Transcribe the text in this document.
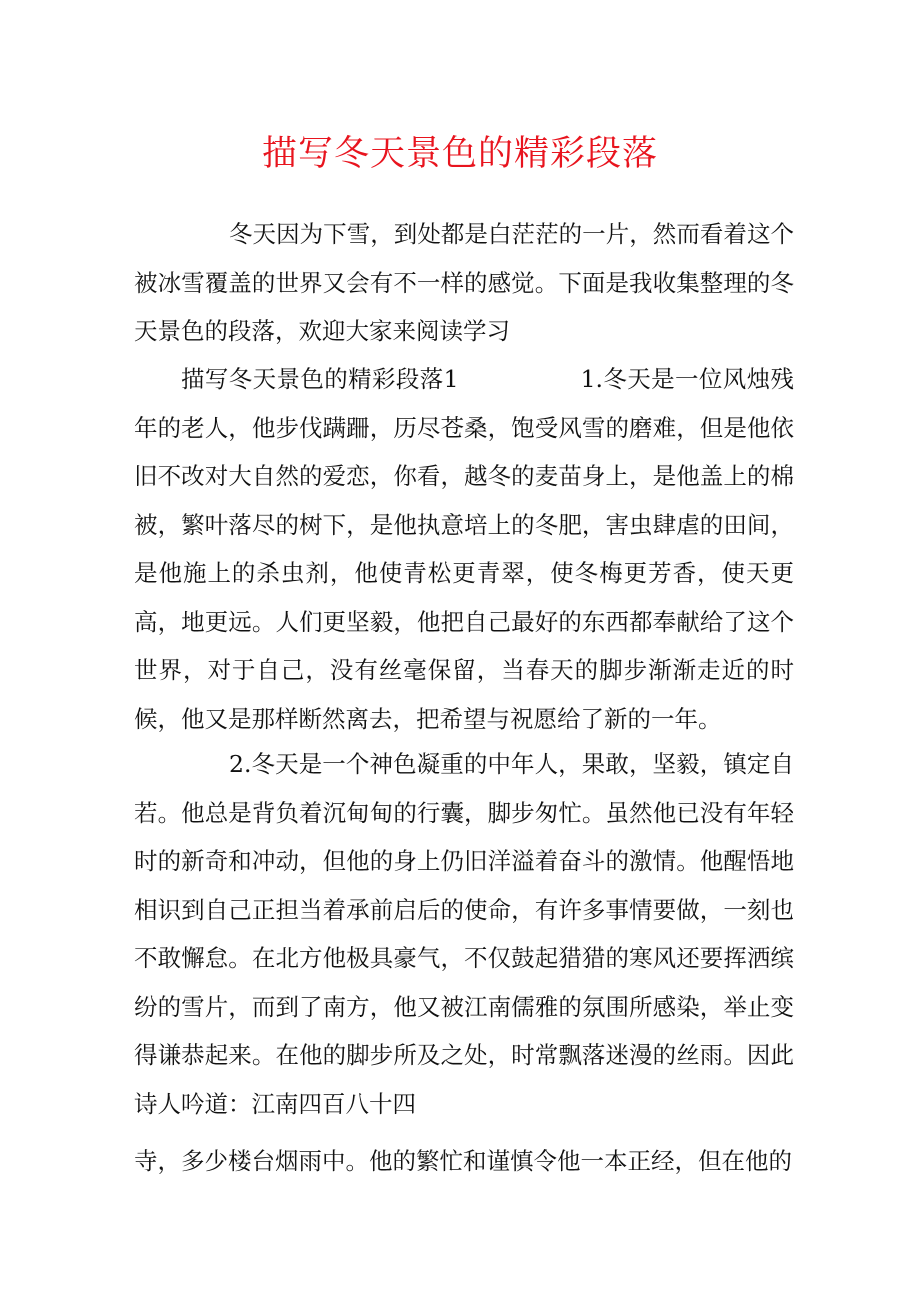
描写冬天景色的精彩段落
冬天因为下雪，到处都是白茫茫的一片，然而看着这个被冰雪覆盖的世界又会有不一样的感觉。下面是我收集整理的冬天景色的段落，欢迎大家来阅读学习
描写冬天景色的精彩段落1	1.冬天是一位风烛残年的老人，他步伐蹒跚，历尽苍桑，饱受风雪的磨难，但是他依旧不改对大自然的爱恋，你看，越冬的麦苗身上，是他盖上的棉被，繁叶落尽的树下，是他执意培上的冬肥，害虫肆虐的田间，是他施上的杀虫剂，他使青松更青翠，使冬梅更芳香，使天更高，地更远。人们更坚毅，他把自己最好的东西都奉献给了这个世界，对于自己，没有丝毫保留，当春天的脚步渐渐走近的时候，他又是那样断然离去，把希望与祝愿给了新的一年。
2.冬天是一个神色凝重的中年人，果敢，坚毅，镇定自若。他总是背负着沉甸甸的行囊，脚步匆忙。虽然他已没有年轻时的新奇和冲动，但他的身上仍旧洋溢着奋斗的激情。他醒悟地相识到自己正担当着承前启后的使命，有许多事情要做，一刻也不敢懈怠。在北方他极具豪气，不仅鼓起猎猎的寒风还要挥洒缤纷的雪片，而到了南方，他又被江南儒雅的氛围所感染，举止变得谦恭起来。在他的脚步所及之处，时常飘落迷漫的丝雨。因此诗人吟道：江南四百八十四
寺，多少楼台烟雨中。他的繁忙和谨慎令他一本正经，但在他的
